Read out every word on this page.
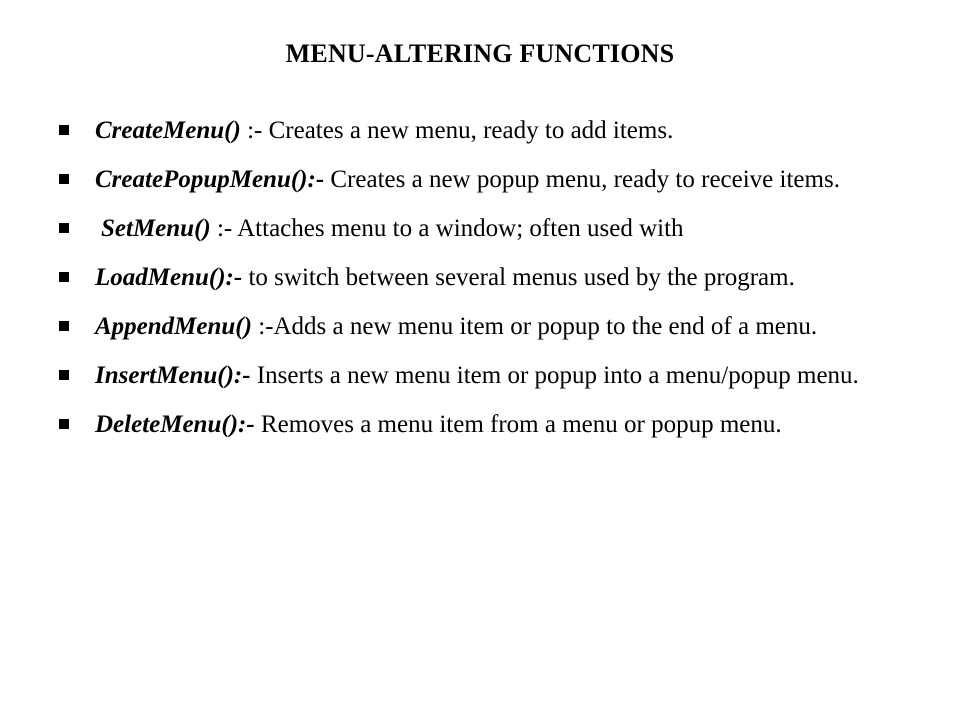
MENU-ALTERING FUNCTIONS
CreateMenu() :- Creates a new menu, ready to add items.
CreatePopupMenu():- Creates a new popup menu, ready to receive items.
SetMenu() :- Attaches menu to a window; often used with
LoadMenu():- to switch between several menus used by the program.
AppendMenu() :-Adds a new menu item or popup to the end of a menu.
InsertMenu():- Inserts a new menu item or popup into a menu/popup menu.
DeleteMenu():- Removes a menu item from a menu or popup menu.
